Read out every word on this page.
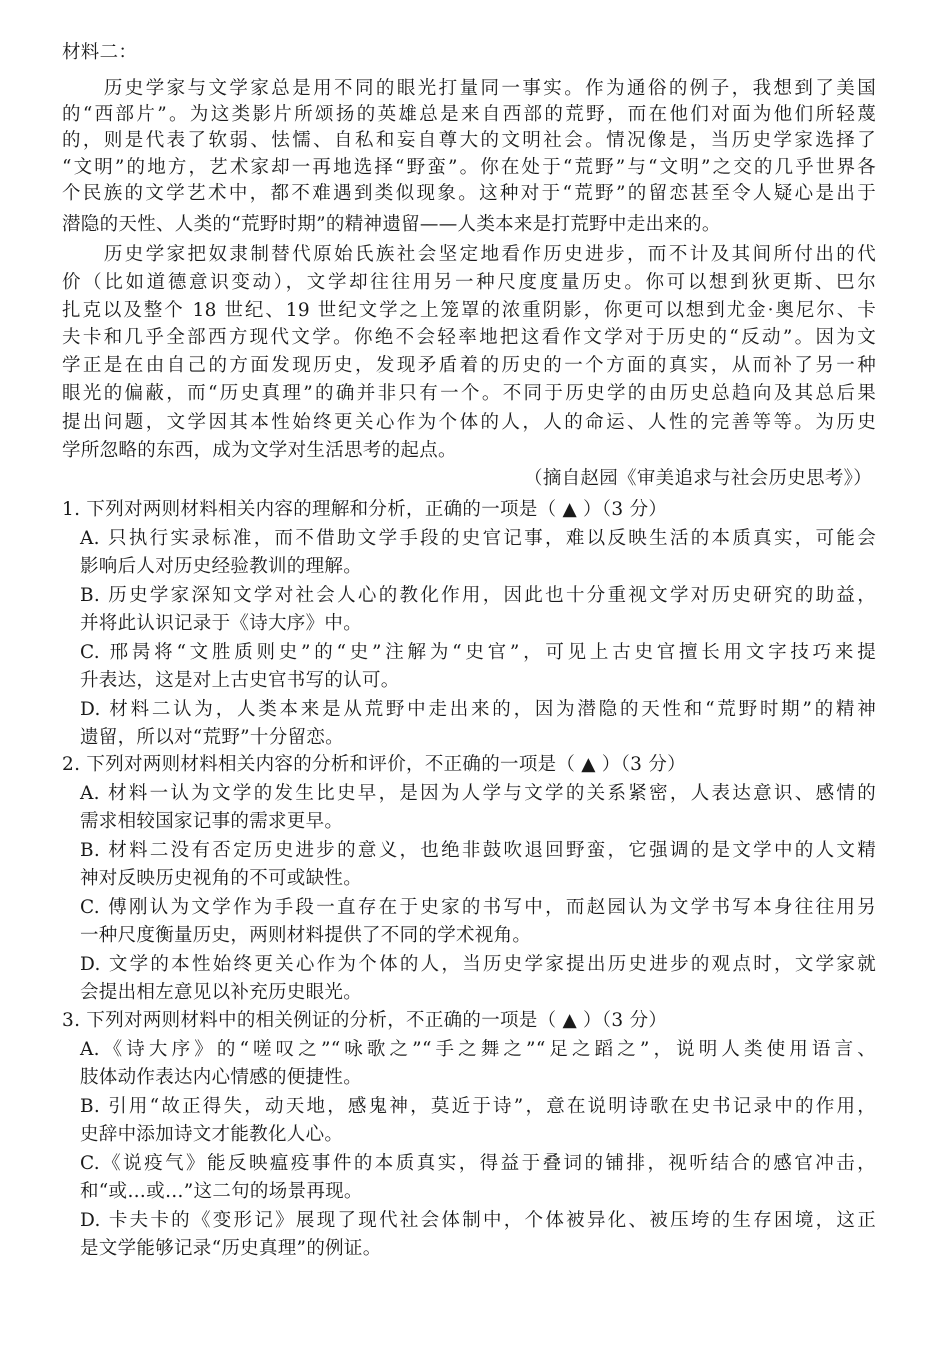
材料二：
　　历史学家与文学家总是用不同的眼光打量同一事实。作为通俗的例子，我想到了美国
的“西部片”。为这类影片所颂扬的英雄总是来自西部的荒野，而在他们对面为他们所轻蔑
的，则是代表了软弱、怯懦、自私和妄自尊大的文明社会。情况像是，当历史学家选择了
“文明”的地方，艺术家却一再地选择“野蛮”。你在处于“荒野”与“文明”之交的几乎世界各
个民族的文学艺术中，都不难遇到类似现象。这种对于“荒野”的留恋甚至令人疑心是出于
潜隐的天性、人类的“荒野时期”的精神遗留——人类本来是打荒野中走出来的。
　　历史学家把奴隶制替代原始氏族社会坚定地看作历史进步，而不计及其间所付出的代
价（比如道德意识变动），文学却往往用另一种尺度度量历史。你可以想到狄更斯、巴尔
扎克以及整个 18 世纪、19 世纪文学之上笼罩的浓重阴影，你更可以想到尤金·奥尼尔、卡
夫卡和几乎全部西方现代文学。你绝不会轻率地把这看作文学对于历史的“反动”。因为文
学正是在由自己的方面发现历史，发现矛盾着的历史的一个方面的真实，从而补了另一种
眼光的偏蔽，而“历史真理”的确并非只有一个。不同于历史学的由历史总趋向及其总后果
提出问题，文学因其本性始终更关心作为个体的人，人的命运、人性的完善等等。为历史
学所忽略的东西，成为文学对生活思考的起点。
（摘自赵园《审美追求与社会历史思考》）
1. 下列对两则材料相关内容的理解和分析，正确的一项是（ ▲ ）（3 分）
A. 只执行实录标准，而不借助文学手段的史官记事，难以反映生活的本质真实，可能会
影响后人对历史经验教训的理解。
B. 历史学家深知文学对社会人心的教化作用，因此也十分重视文学对历史研究的助益，
并将此认识记录于《诗大序》中。
C. 邢昺将“文胜质则史”的“史”注解为“史官”，可见上古史官擅长用文字技巧来提
升表达，这是对上古史官书写的认可。
D. 材料二认为，人类本来是从荒野中走出来的，因为潜隐的天性和“荒野时期”的精神
遗留，所以对“荒野”十分留恋。
2. 下列对两则材料相关内容的分析和评价，不正确的一项是（ ▲ ）（3 分）
A. 材料一认为文学的发生比史早，是因为人学与文学的关系紧密，人表达意识、感情的
需求相较国家记事的需求更早。
B. 材料二没有否定历史进步的意义，也绝非鼓吹退回野蛮，它强调的是文学中的人文精
神对反映历史视角的不可或缺性。
C. 傅刚认为文学作为手段一直存在于史家的书写中，而赵园认为文学书写本身往往用另
一种尺度衡量历史，两则材料提供了不同的学术视角。
D. 文学的本性始终更关心作为个体的人，当历史学家提出历史进步的观点时，文学家就
会提出相左意见以补充历史眼光。
3. 下列对两则材料中的相关例证的分析，不正确的一项是（ ▲ ）（3 分）
A.《诗大序》的“嗟叹之”“咏歌之”“手之舞之”“足之蹈之”，说明人类使用语言、
肢体动作表达内心情感的便捷性。
B. 引用“故正得失，动天地，感鬼神，莫近于诗”，意在说明诗歌在史书记录中的作用，
史辞中添加诗文才能教化人心。
C.《说疫气》能反映瘟疫事件的本质真实，得益于叠词的铺排，视听结合的感官冲击，
和“或…或…”这二句的场景再现。
D. 卡夫卡的《变形记》展现了现代社会体制中，个体被异化、被压垮的生存困境，这正
是文学能够记录“历史真理”的例证。
